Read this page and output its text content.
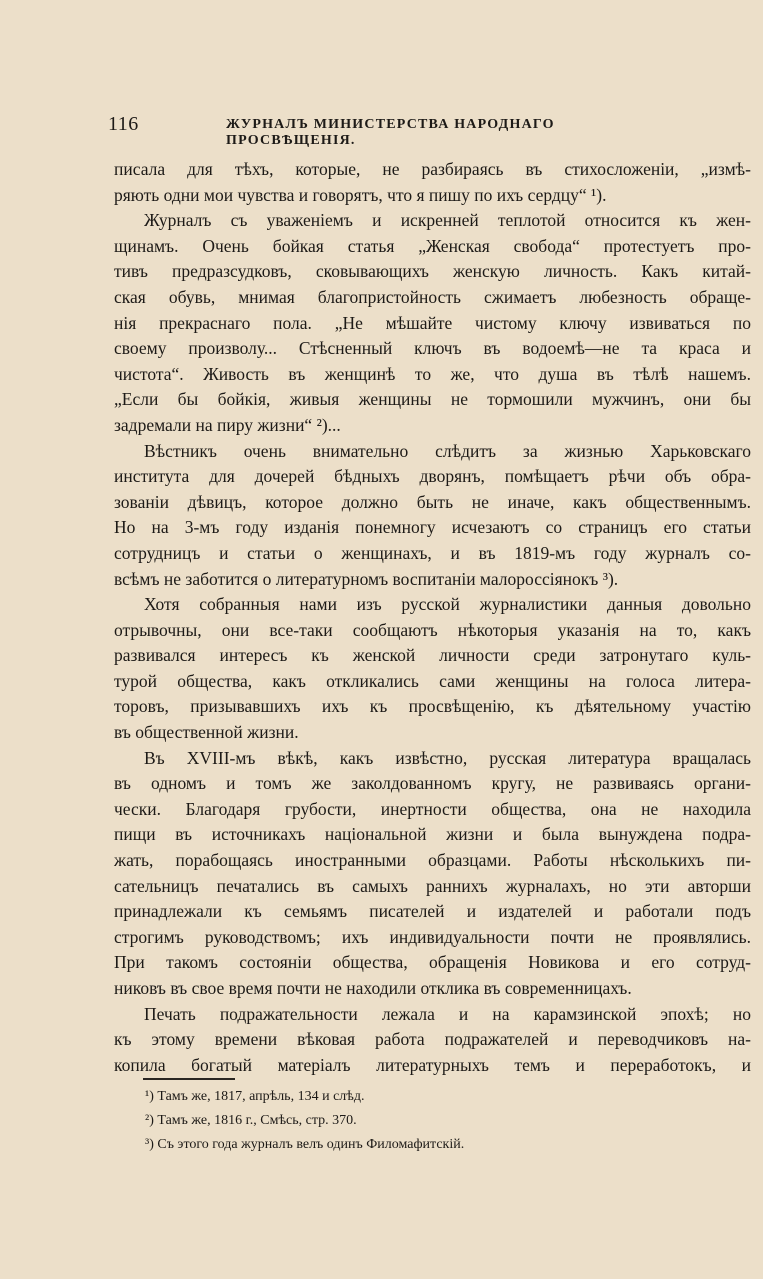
116	ЖУРНАЛЪ МИНИСТЕРСТВА НАРОДНАГО ПРОСВѢЩЕНІЯ.

писала для тѣхъ, которые, не разбираясь въ стихосложеніи, „измѣ-

ряють одни мои чувства и говорятъ, что я пишу по ихъ сердцу“ ¹).

Журналъ съ уваженіемъ и искренней теплотой относится къ жен-

щинамъ. Очень бойкая статья „Женская свобода“ протестуетъ про-

тивъ предразсудковъ, сковывающихъ женскую личность. Какъ китай-

ская обувь, мнимая благопристойность сжимаетъ любезность обраще-

нія прекраснаго пола. „Не мѣшайте чистому ключу извиваться по

своему произволу... Стѣсненный ключъ въ водоемѣ—не та краса и

чистота“. Живость въ женщинѣ то же, что душа въ тѣлѣ нашемъ.

„Если бы бойкія, живыя женщины не тормошили мужчинъ, они бы

задремали на пиру жизни“ ²)...

Вѣстникъ очень внимательно слѣдитъ за жизнью Харьковскаго

института для дочерей бѣдныхъ дворянъ, помѣщаетъ рѣчи объ обра-

зованіи дѣвицъ, которое должно быть не иначе, какъ общественнымъ.

Но на 3-мъ году изданія понемногу исчезаютъ со страницъ его статьи

сотрудницъ и статьи о женщинахъ, и въ 1819-мъ году журналъ со-

всѣмъ не заботится о литературномъ воспитаніи малороссіянокъ ³).

Хотя собранныя нами изъ русской журналистики данныя довольно

отрывочны, они все-таки сообщаютъ нѣкоторыя указанія на то, какъ

развивался интересъ къ женской личности среди затронутаго куль-

турой общества, какъ откликались сами женщины на голоса литера-

торовъ, призывавшихъ ихъ къ просвѣщенію, къ дѣятельному участію

въ общественной жизни.

Въ XVIII-мъ вѣкѣ, какъ извѣстно, русская литература вращалась

въ одномъ и томъ же заколдованномъ кругу, не развиваясь органи-

чески. Благодаря грубости, инертности общества, она не находила

пищи въ источникахъ національной жизни и была вынуждена подра-

жать, порабощаясь иностранными образцами. Работы нѣсколькихъ пи-

сательницъ печатались въ самыхъ раннихъ журналахъ, но эти авторши

принадлежали къ семьямъ писателей и издателей и работали подъ

строгимъ руководствомъ; ихъ индивидуальности почти не проявлялись.

При такомъ состояніи общества, обращенія Новикова и его сотруд-

никовъ въ свое время почти не находили отклика въ современницахъ.

Печать подражательности лежала и на карамзинской эпохѣ; но

къ этому времени вѣковая работа подражателей и переводчиковъ на-

копила богатый матеріалъ литературныхъ темъ и переработокъ, и

¹) Тамъ же, 1817, апрѣль, 134 и слѣд.

²) Тамъ же, 1816 г., Смѣсь, стр. 370.

³) Съ этого года журналъ велъ одинъ Филомафитскій.
